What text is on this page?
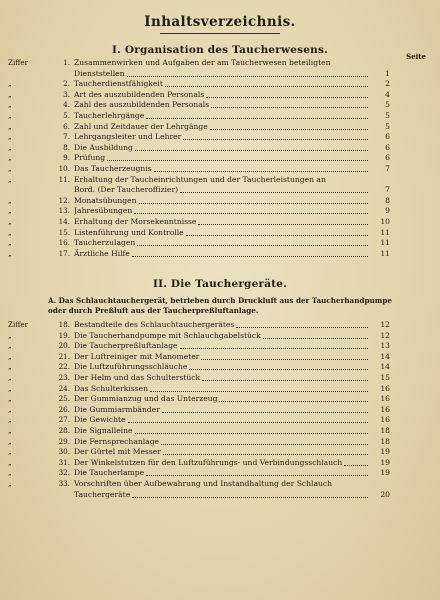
Inhaltsverzeichnis.
I. Organisation des Taucherwesens.
Seite
Ziffer	1. Zusammenwirken und Aufgaben der am Taucherwesen beteiligten
Dienststellen	1
„	2. Taucherdienstfähigkeit	2
„	3. Art des auszubildenden Personals	4
„	4. Zahl des auszubildenden Personals	5
„	5. Taucherlehrgänge	5
„	6. Zahl und Zeitdauer der Lehrgänge	5
„	7. Lehrgangsleiter und Lehrer	6
„	8. Die Ausbildung	6
„	9. Prüfung	6
„	10. Das Taucherzeugnis	7
„	11. Erhaltung der Taucheinrichtungen und der Taucherleistungen an
Bord. (Der Taucheroffizier)	7
„	12. Monatsübungen	8
„	13. Jahresübungen	9
„	14. Erhaltung der Morsekenntnisse	10
„	15. Listenführung und Kontrolle	11
„	16. Taucherzulagen	11
„	17. Ärztliche Hilfe	11
II. Die Tauchergeräte.
A. Das Schlauchtauchergerät, betrieben durch Druckluft aus der Taucherhandpumpe oder durch Preßluft aus der Taucherpreßluftanlage.
Ziffer	18. Bestandteile des Schlauchtauchergerätes	12
„	19. Die Taucherhandpumpe mit Schlauchgabelstück	12
„	20. Die Taucherpreßluftanlage	13
„	21. Der Luftreiniger mit Manometer	14
„	22. Die Luftzuführungsschläuche	14
„	23. Der Helm und das Schulterstück	15
„	24. Das Schulterkissen	16
„	25. Der Gummianzug und das Unterzeug	16
„	26. Die Gummiarmbänder	16
„	27. Die Gewichte	16
„	28. Die Signalleine	18
„	29. Die Fernsprechanlage	18
„	30. Der Gürtel mit Messer	19
„	31. Der Winkelstutzen für den Luftzuführungs- und Verbindungsschlauch	19
„	32. Die Taucherlampe	19
„	33. Vorschriften über Aufbewahrung und Instandhaltung der Schlauch
Tauchergeräte	20
